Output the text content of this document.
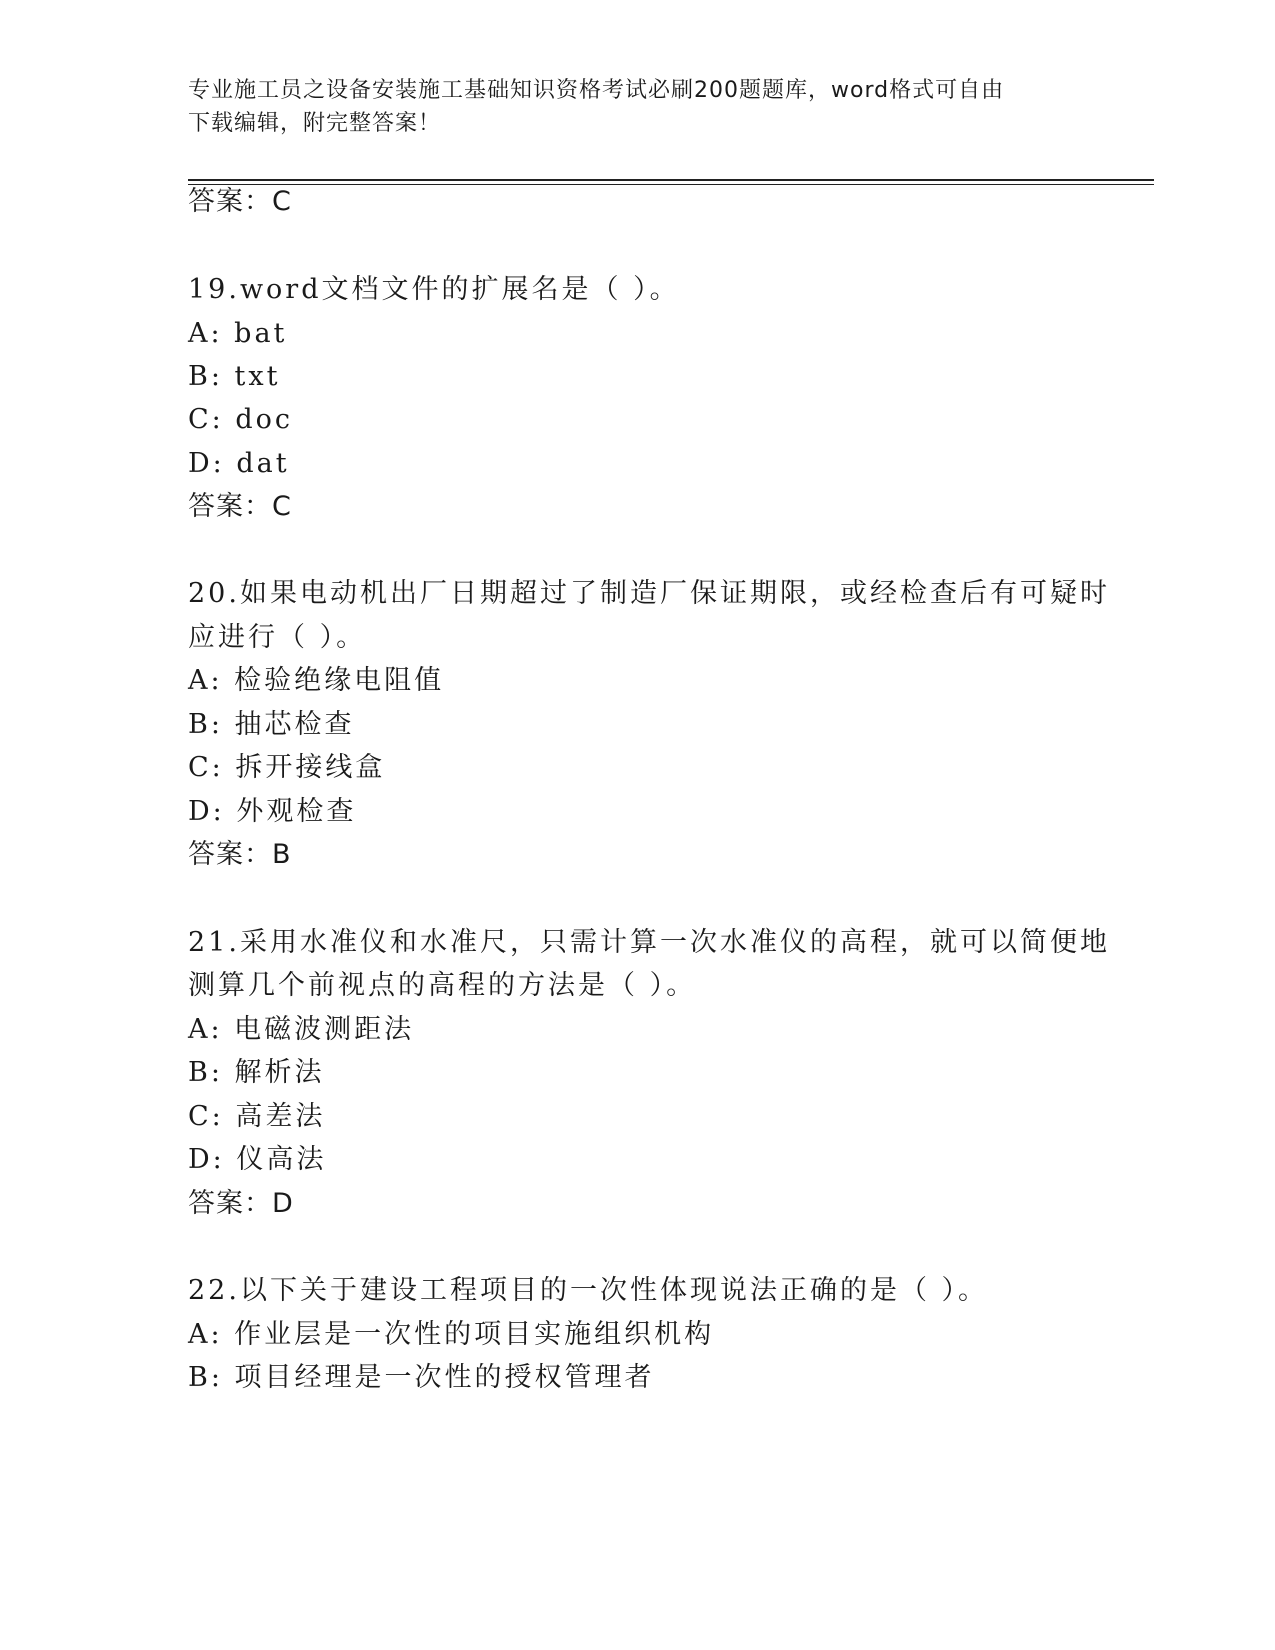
专业施工员之设备安装施工基础知识资格考试必刷200题题库，word格式可自由
下载编辑，附完整答案！
答案：C
19.word文档文件的扩展名是（ ）。
A: bat
B: txt
C: doc
D: dat
答案：C
20.如果电动机出厂日期超过了制造厂保证期限，或经检查后有可疑时
应进行（ ）。
A: 检验绝缘电阻值
B: 抽芯检查
C: 拆开接线盒
D: 外观检查
答案：B
21.采用水准仪和水准尺，只需计算一次水准仪的高程，就可以简便地
测算几个前视点的高程的方法是（ ）。
A: 电磁波测距法
B: 解析法
C: 高差法
D: 仪高法
答案：D
22.以下关于建设工程项目的一次性体现说法正确的是（ ）。
A: 作业层是一次性的项目实施组织机构
B: 项目经理是一次性的授权管理者
